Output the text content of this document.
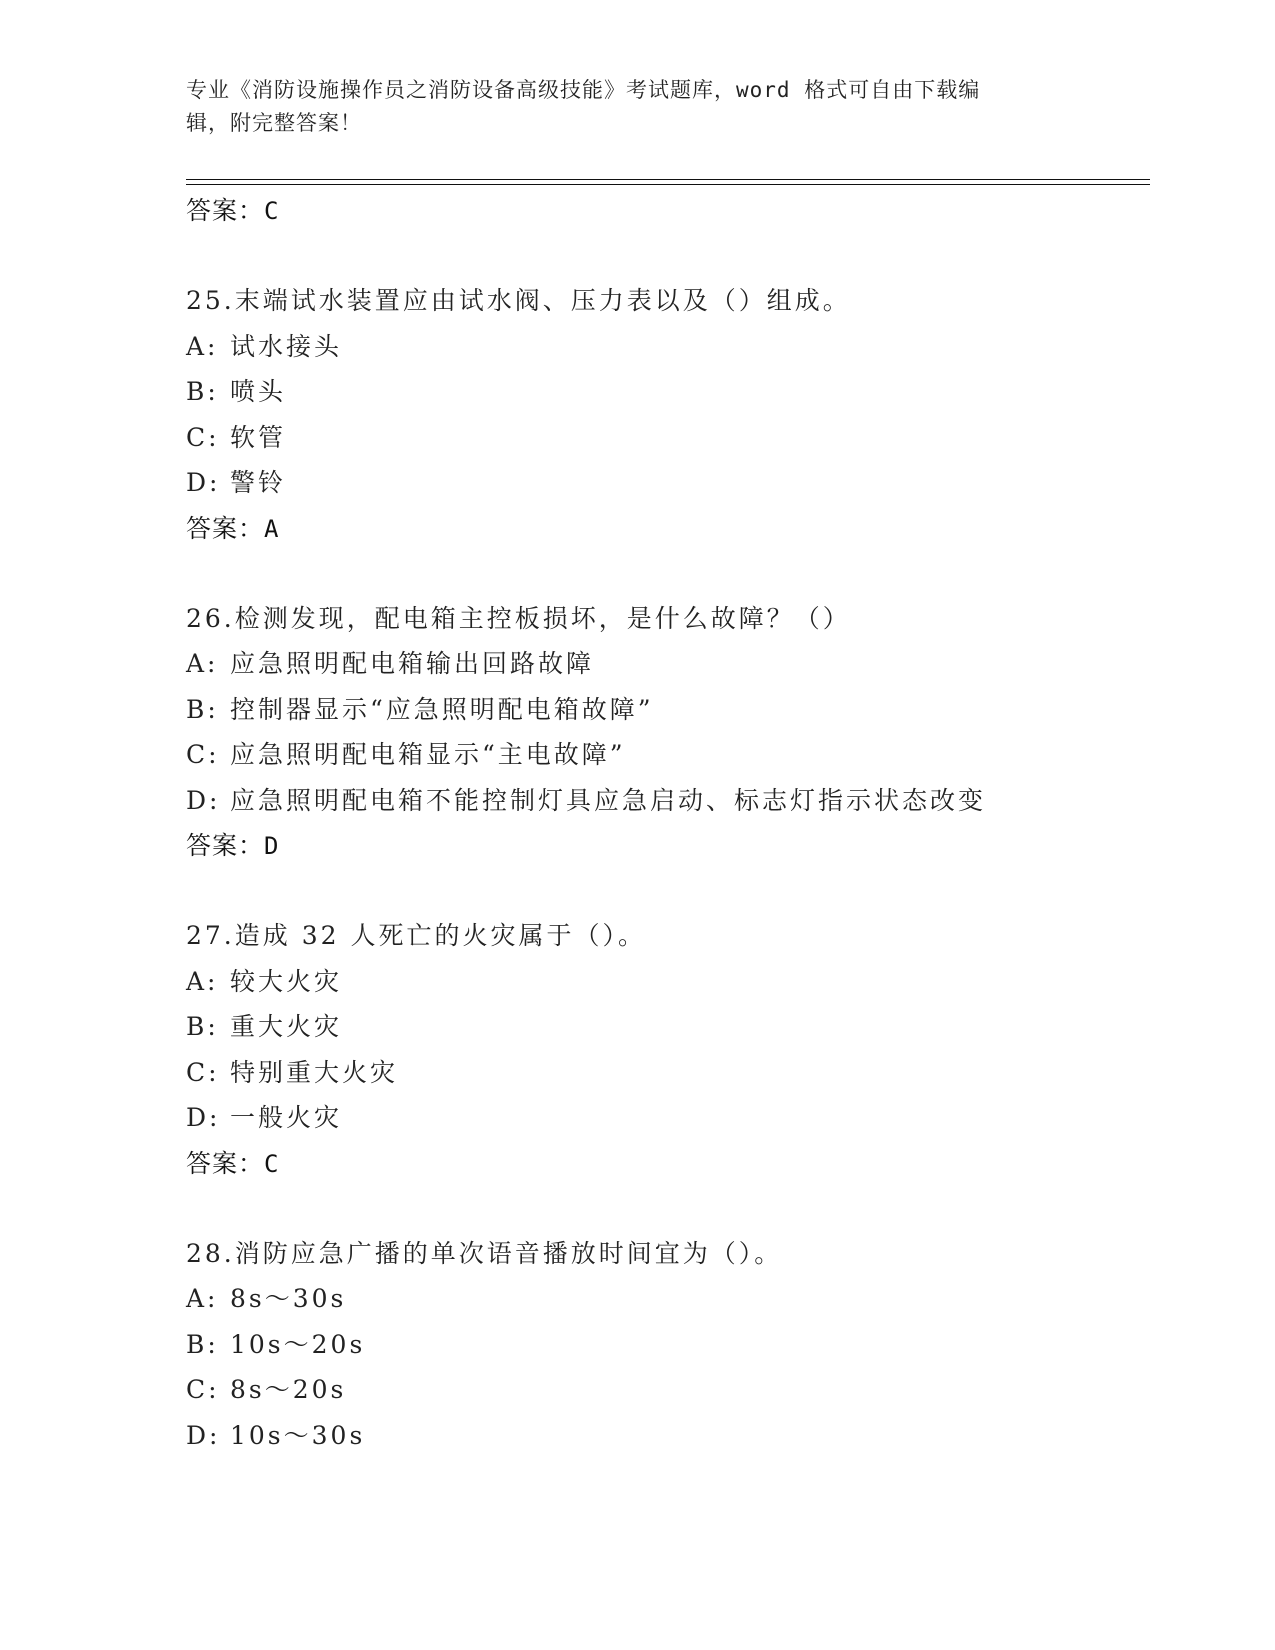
专业《消防设施操作员之消防设备高级技能》考试题库，word 格式可自由下载编
辑，附完整答案！
答案：C
25.末端试水装置应由试水阀、压力表以及（）组成。
A: 试水接头
B: 喷头
C: 软管
D: 警铃
答案：A
26.检测发现，配电箱主控板损坏，是什么故障？（）
A: 应急照明配电箱输出回路故障
B: 控制器显示“应急照明配电箱故障”
C: 应急照明配电箱显示“主电故障”
D: 应急照明配电箱不能控制灯具应急启动、标志灯指示状态改变
答案：D
27.造成 32 人死亡的火灾属于（）。
A: 较大火灾
B: 重大火灾
C: 特别重大火灾
D: 一般火灾
答案：C
28.消防应急广播的单次语音播放时间宜为（）。
A: 8s～30s
B: 10s～20s
C: 8s～20s
D: 10s～30s
